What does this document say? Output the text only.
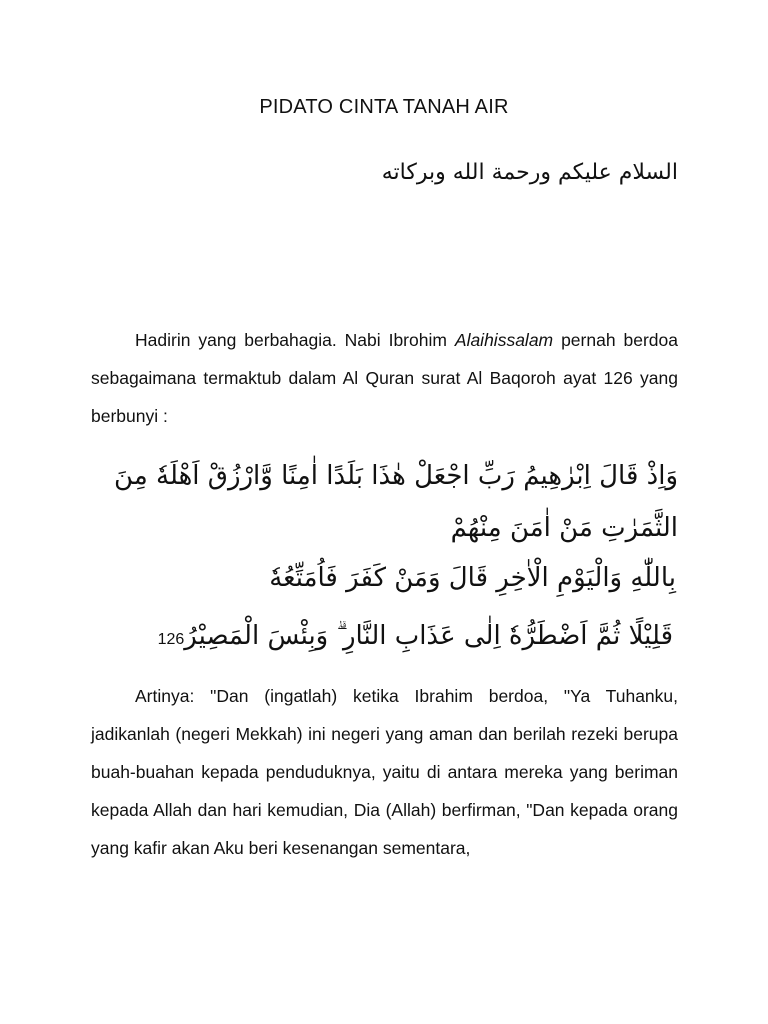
PIDATO CINTA TANAH AIR
السلام عليكم ورحمة الله وبركاته

Hadirin yang berbahagia. Nabi Ibrohim Alaihissalam pernah berdoa sebagaimana termaktub dalam Al Quran surat Al Baqoroh ayat 126 yang berbunyi :

وَاِذْ قَالَ اِبْرٰهِيمُ رَبِّ اجْعَلْ هٰذَا بَلَدًا اٰمِنًا وَّارْزُقْ اَهْلَهٗ مِنَ الثَّمَرٰتِ مَنْ اٰمَنَ مِنْهُمْ
بِاللّٰهِ وَالْيَوْمِ الْاٰخِرِ قَالَ وَمَنْ كَفَرَ فَاُمَتِّعُهٗ
قَلِيْلًا ثُمَّ اَضْطَرُّهٗ اِلٰى عَذَابِ النَّارِ ۗ وَبِئْسَ الْمَصِيْرُ126

Artinya: "Dan (ingatlah) ketika Ibrahim berdoa, "Ya Tuhanku, jadikanlah (negeri Mekkah) ini negeri yang aman dan berilah rezeki berupa buah-buahan kepada penduduknya, yaitu di antara mereka yang beriman kepada Allah dan hari kemudian, Dia (Allah) berfirman, "Dan kepada orang yang kafir akan Aku beri kesenangan sementara,
